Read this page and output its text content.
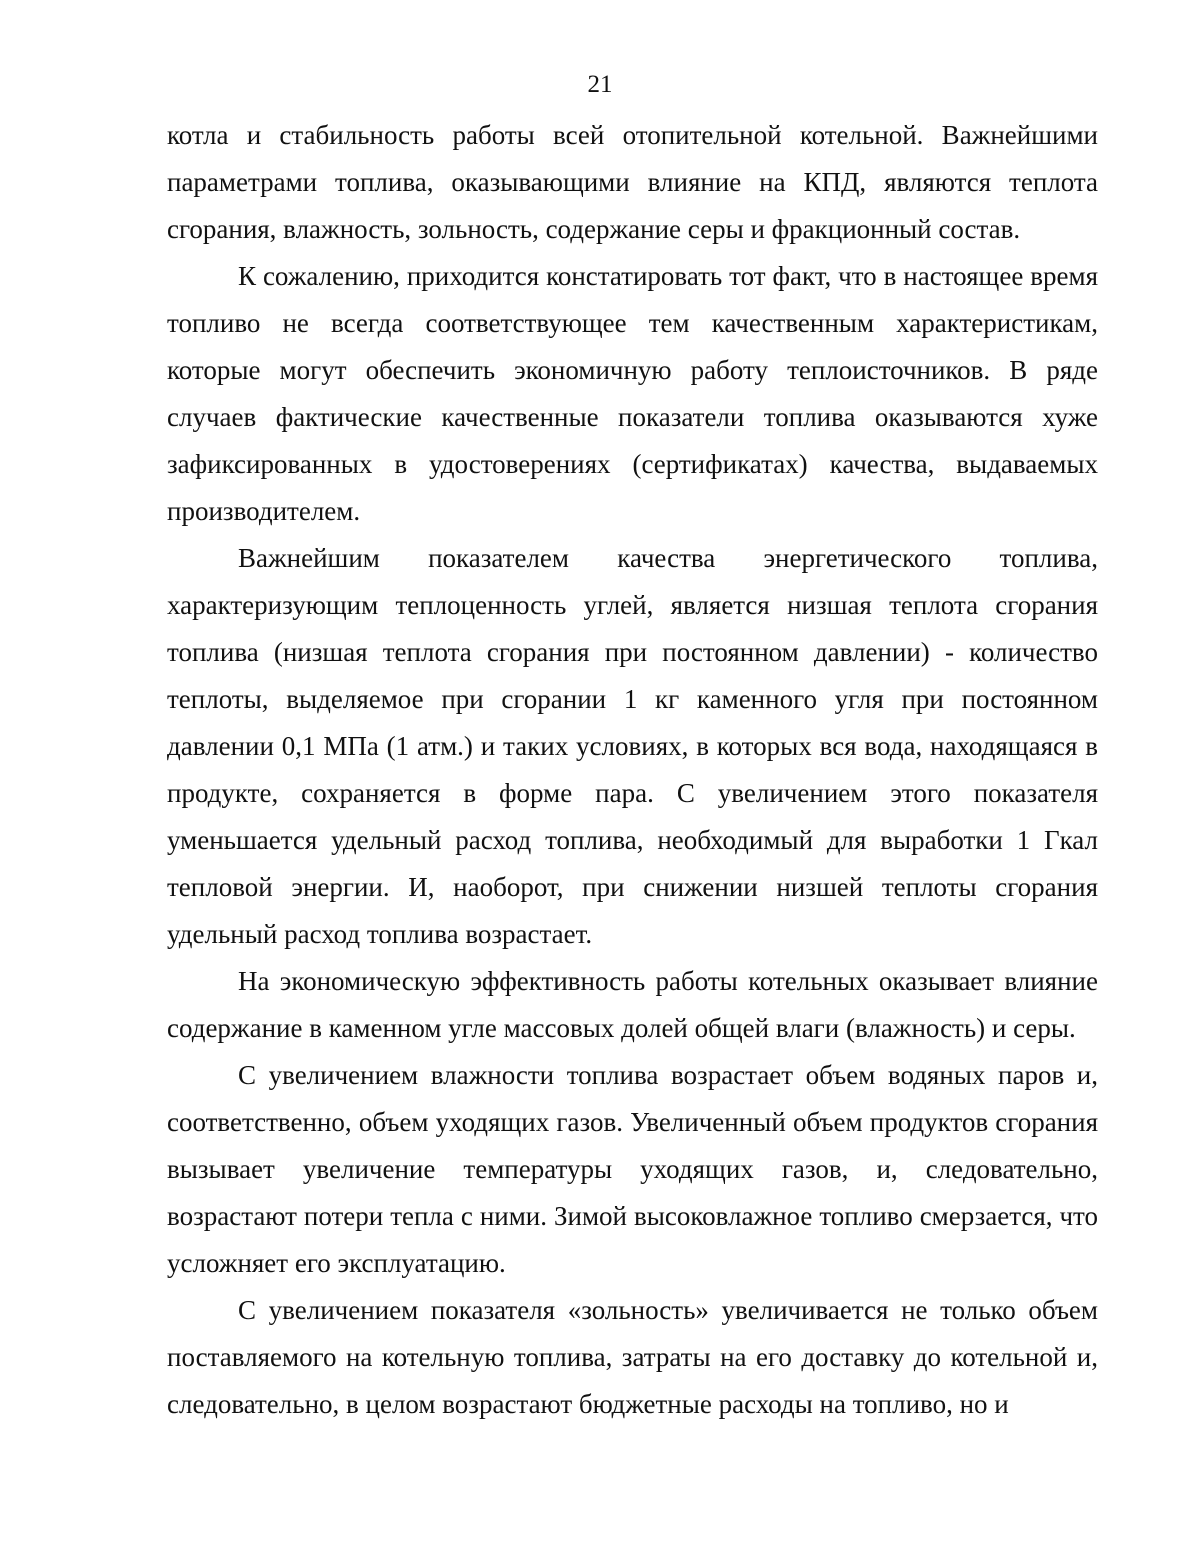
21

котла и стабильность работы всей отопительной котельной. Важнейшими параметрами топлива, оказывающими влияние на КПД, являются теплота сгорания, влажность, зольность, содержание серы и фракционный состав.

К сожалению, приходится констатировать тот факт, что в настоящее время топливо не всегда соответствующее тем качественным характеристикам, которые могут обеспечить экономичную работу теплоисточников. В ряде случаев фактические качественные показатели топлива оказываются хуже зафиксированных в удостоверениях (сертификатах) качества, выдаваемых производителем.

Важнейшим показателем качества энергетического топлива, характеризующим теплоценность углей, является низшая теплота сгорания топлива (низшая теплота сгорания при постоянном давлении) - количество теплоты, выделяемое при сгорании 1 кг каменного угля при постоянном давлении 0,1 МПа (1 атм.) и таких условиях, в которых вся вода, находящаяся в продукте, сохраняется в форме пара. С увеличением этого показателя уменьшается удельный расход топлива, необходимый для выработки 1 Гкал тепловой энергии. И, наоборот, при снижении низшей теплоты сгорания удельный расход топлива возрастает.

На экономическую эффективность работы котельных оказывает влияние содержание в каменном угле массовых долей общей влаги (влажность) и серы.

С увеличением влажности топлива возрастает объем водяных паров и, соответственно, объем уходящих газов. Увеличенный объем продуктов сгорания вызывает увеличение температуры уходящих газов, и, следовательно, возрастают потери тепла с ними. Зимой высоковлажное топливо смерзается, что усложняет его эксплуатацию.

С увеличением показателя «зольность» увеличивается не только объем поставляемого на котельную топлива, затраты на его доставку до котельной и, следовательно, в целом возрастают бюджетные расходы на топливо, но и
